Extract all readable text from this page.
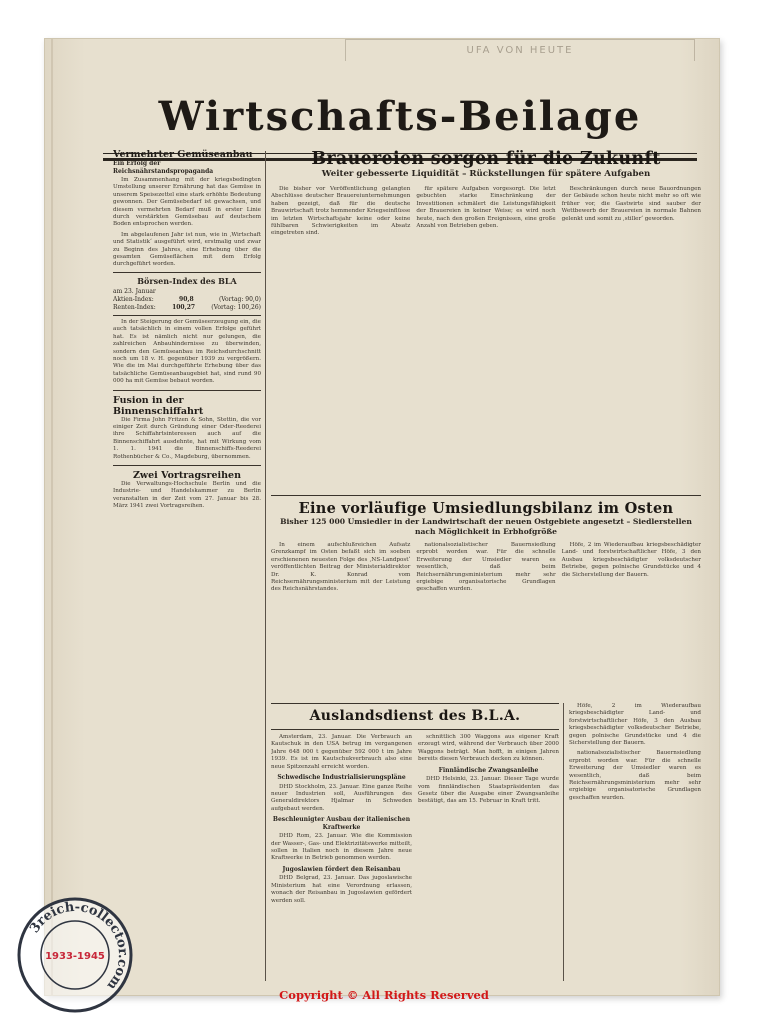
UFA VON HEUTE
Wirtschafts-Beilage
Vermehrter Gemüseanbau
Ein Erfolg der Reichsnährstandspropaganda

Im Zusammenhang mit der kriegsbedingten Umstellung unserer Ernährung hat das Gemüse in unserem Speisezettel eine stark erhöhte Bedeutung gewonnen. Der Gemüsebedarf ist gewachsen, und diesem vermehrten Bedarf muß in erster Linie durch verstärkten Gemüsebau auf deutschem Boden entsprochen werden.

Im abgelaufenen Jahr ist nun, wie in ‚Wirtschaft und Statistik‘ ausgeführt wird, erstmalig und zwar zu Beginn des Jahres, eine Erhebung über die gesamten Gemüseflächen mit dem Erfolg durchgeführt worden.

Börsen-Index des BLA
am 23. Januar
Aktien-Index:	90,8	(Vortag: 90,0)
Renten-Index:	100,27	(Vortag: 100,26)

In der Steigerung der Gemüseerzeugung ein, die auch tatsächlich in einem vollen Erfolge geführt hat. Es ist nämlich nicht nur gelungen, die zahlreichen Anbauhindernisse zu überwinden, sondern den Gemüseanbau im Reichsdurchschnitt noch um 18 v. H. gegenüber 1939 zu vergrößern. Wie die im Mai durchgeführte Erhebung über das tatsächliche Gemüseanbaugebiet hat, sind rund 90 000 ha mit Gemüse bebaut worden.

Fusion in der Binnenschiffahrt

Die Firma John Fritzen & Sohn, Stettin, die vor einiger Zeit durch Gründung einer Oder-Reederei ihre Schiffahrtsinteressen auch auf die Binnenschiffahrt ausdehnte, hat mit Wirkung vom 1. 1. 1941 die Binnenschiffs-Reederei Rothenbücher & Co., Magdeburg, übernommen.

Zwei Vortragsreihen

Die Verwaltungs-Hochschule Berlin und die Industrie- und Handelskammer zu Berlin veranstalten in der Zeit vom 27. Januar bis 28. März 1941 zwei Vortragsreihen.

Brauereien sorgen für die Zukunft
Weiter gebesserte Liquidität – Rückstellungen für spätere Aufgaben

Die bisher vor Veröffentlichung gelangten Abschlüsse deutscher Brauereiunternehmungen haben gezeigt, daß für die deutsche Brauwirtschaft trotz hemmender Kriegseinflüsse im letzten Wirtschaftsjahr keine oder keine fühlbaren Schwierigkeiten im Absatz eingetreten sind.

für spätere Aufgaben vorgesorgt. Die letzt gebuchten starke Einschränkung der Investitionen schmälert die Leistungsfähigkeit der Brauereien in keiner Weise; es wird noch heute, nach den großen Ereignissen, eine große Anzahl von Betrieben geben.

Beschränkungen durch neue Bauordnungen der Gebäude schon heute nicht mehr so oft wie früher vor, die Gastwirte sind sauber der Wettbewerb der Brauereien in normale Bahnen gelenkt und somit zu ‚stiller‘ geworden.

Eine vorläufige Umsiedlungsbilanz im Osten
Bisher 125 000 Umsiedler in der Landwirtschaft der neuen Ostgebiete angesetzt – Siedlerstellen nach Möglichkeit in Erbhofgröße

In einem aufschlußreichen Aufsatz Grenzkampf im Osten befaßt sich im soeben erschienenen neuesten Folge des ‚NS-Landpost‘ veröffentlichten Beitrag der Ministerialdirektor Dr. K. Konrad vom Reichsernährungsministerium mit der Leistung des Reichsnährstandes.

nationalsozialistischer Bauernsiedlung erprobt worden war. Für die schnelle Erweiterung der Umsiedler waren es wesentlich, daß beim Reichsernährungsministerium mehr sehr ergiebige organisatorische Grundlagen geschaffen wurden.

Höfe, 2 im Wiederaufbau kriegsbeschädigter Land- und forstwirtschaftlicher Höfe, 3 den Ausbau kriegsbeschädigter volksdeutscher Betriebe, gegen polnische Grundstücke und 4 die Sicherstellung der Bauern.

Auslandsdienst des B.L.A.

Amsterdam, 23. Januar. Die Verbrauch an Kautschuk in den USA betrug im vergangenen Jahre 648 000 t gegenüber 592 000 t im Jahre 1939. Es ist im Kautschukverbrauch also eine neue Spitzenzahl erreicht worden.

Schwedische Industrialisierungspläne

DHD Stockholm, 23. Januar. Eine ganze Reihe neuer Industrien soll, Ausführungen des Generaldirektors Hjalmar in Schweden aufgebaut werden.

Beschleunigter Ausbau der italienischen Kraftwerke

DHD Rom, 23. Januar. Wie die Kommission der Wasser-, Gas- und Elektrizitätswerke mitteilt, sollen in Italien noch in diesem Jahre neue Kraftwerke in Betrieb genommen werden.

Jugoslawien fördert den Reisanbau

DHD Belgrad, 23. Januar. Das jugoslawische Ministerium hat eine Verordnung erlassen, wonach der Reisanbau in Jugoslawien gefördert werden soll.

schnittlich 300 Waggons aus eigener Kraft erzeugt wird, während der Verbrauch über 2000 Waggons beträgt. Man hofft, in einigen Jahren bereits diesen Verbrauch decken zu können.

Finnländische Zwangsanleihe

DHD Helsinki, 23. Januar. Dieser Tage wurde vom finnländischen Staatspräsidenten das Gesetz über die Ausgabe einer Zwangsanleihe bestätigt, das am 15. Februar in Kraft tritt.

Höfe, 2 im Wiederaufbau kriegsbeschädigter Land- und forstwirtschaftlicher Höfe, 3 den Ausbau kriegsbeschädigter volksdeutscher Betriebe, gegen polnische Grundstücke und 4 die Sicherstellung der Bauern.

nationalsozialistischer Bauernsiedlung erprobt worden war. Für die schnelle Erweiterung der Umsiedler waren es wesentlich, daß beim Reichsernährungsministerium mehr sehr ergiebige organisatorische Grundlagen geschaffen wurden.

3reich-collector.com
1933-1945
Copyright © All Rights Reserved
